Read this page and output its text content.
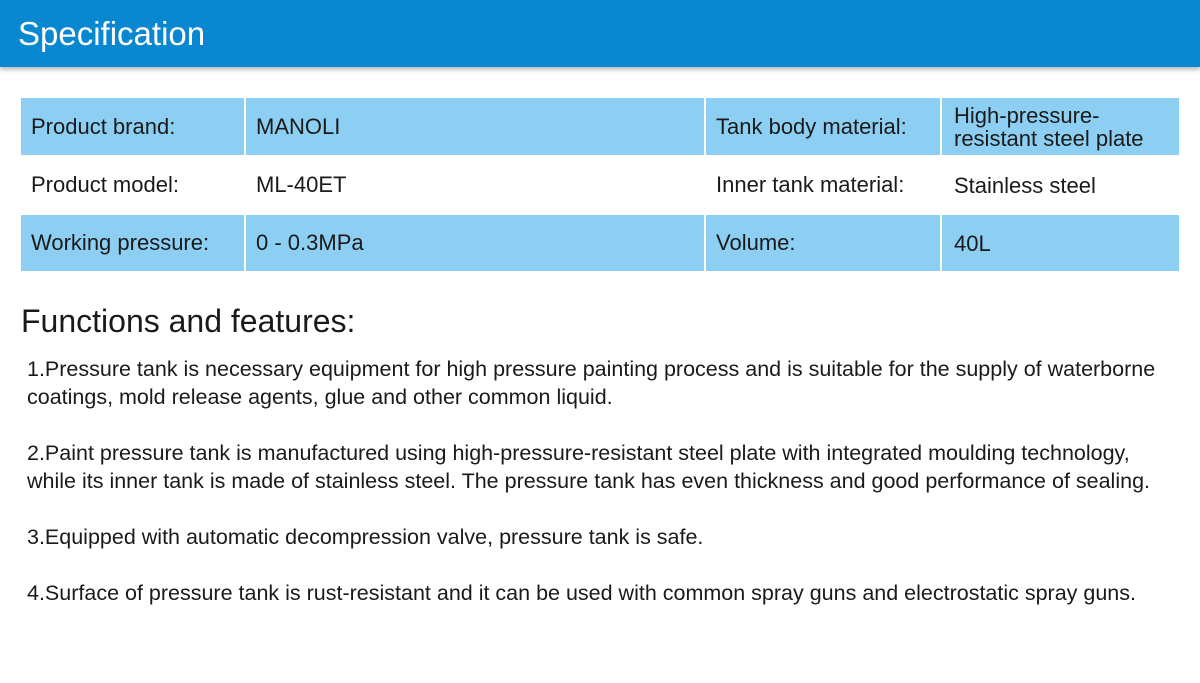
Specification
Product brand:	MANOLI	Tank body material:	High-pressure-resistant steel plate
Product model:	ML-40ET	Inner tank material:	Stainless steel
Working pressure:	0 - 0.3MPa	Volume:	40L
Functions and features:

1.Pressure tank is necessary equipment for high pressure painting process and is suitable for the supply of waterborne coatings, mold release agents, glue and other common liquid.

2.Paint pressure tank is manufactured using high-pressure-resistant steel plate with integrated moulding technology, while its inner tank is made of stainless steel. The pressure tank has even thickness and good performance of sealing.

3.Equipped with automatic decompression valve, pressure tank is safe.

4.Surface of pressure tank is rust-resistant and it can be used with common spray guns and electrostatic spray guns.
